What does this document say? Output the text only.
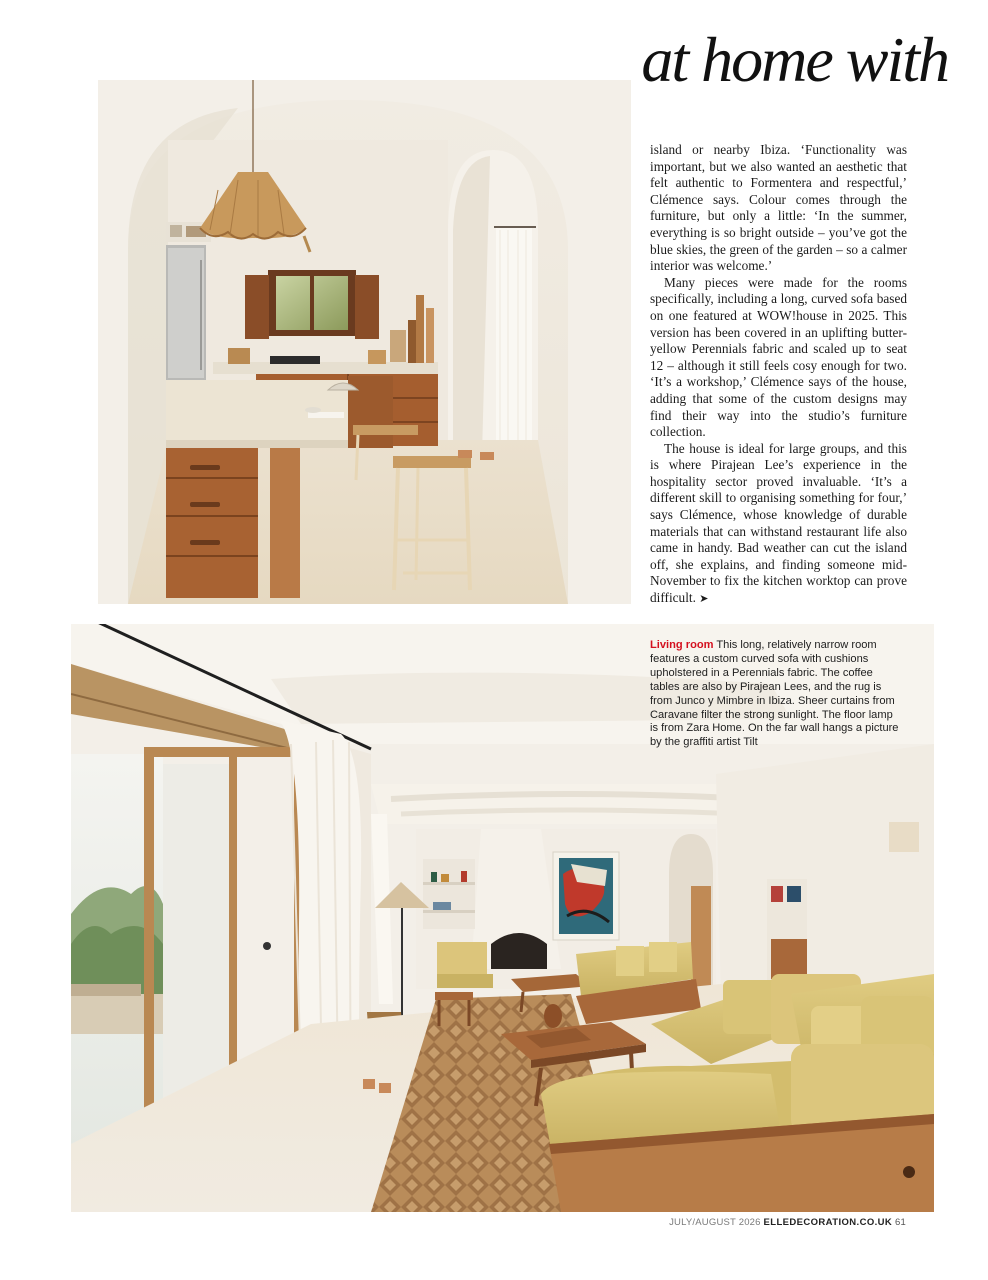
at home with

island or nearby Ibiza. ‘Functionality was important, but we also wanted an aesthetic that felt authentic to Formentera and respectful,’ Clémence says. Colour comes through the furniture, but only a little: ‘In the summer, everything is so bright outside – you’ve got the blue skies, the green of the garden – so a calmer interior was welcome.’

Many pieces were made for the rooms specifically, including a long, curved sofa based on one featured at WOW!house in 2025. This version has been covered in an uplifting butter-yellow Perennials fabric and scaled up to seat 12 – although it still feels cosy enough for two. ‘It’s a workshop,’ Clémence says of the house, adding that some of the custom designs may find their way into the studio’s furniture collection.

The house is ideal for large groups, and this is where Pirajean Lee’s experience in the hospitality sector proved invaluable. ‘It’s a different skill to organising something for four,’ says Clémence, whose knowledge of durable materials that can withstand restaurant life also came in handy. Bad weather can cut the island off, she explains, and finding someone mid-November to fix the kitchen worktop can prove difficult. ➤

Living room This long, relatively narrow room features a custom curved sofa with cushions upholstered in a Perennials fabric. The coffee tables are also by Pirajean Lees, and the rug is from Junco y Mimbre in Ibiza. Sheer curtains from Caravane filter the strong sunlight. The floor lamp is from Zara Home. On the far wall hangs a picture by the graffiti artist Tilt
JULY/AUGUST 2026 ELLEDECORATION.CO.UK 61
